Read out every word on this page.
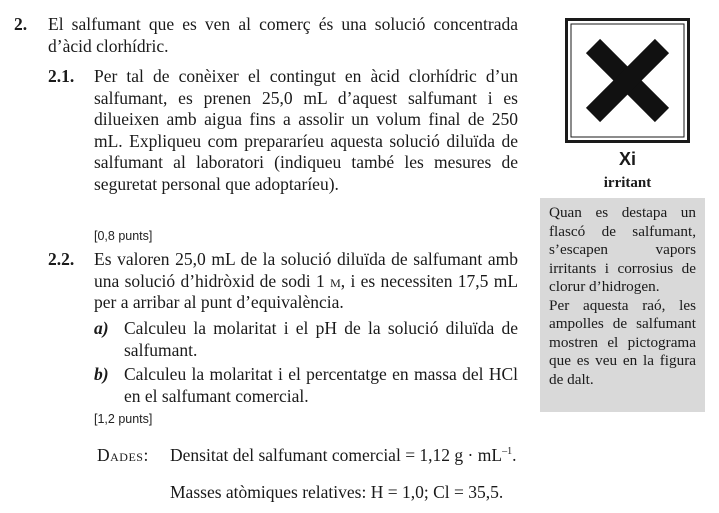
2. El salfumant que es ven al comerç és una solució concentrada d’àcid clorhídric.
2.1. Per tal de conèixer el contingut en àcid clorhídric d’un salfumant, es prenen 25,0 mL d’aquest salfumant i es dilueixen amb aigua fins a assolir un volum final de 250 mL. Expliqueu com prepararíeu aquesta solució diluïda de salfumant al laboratori (indiqueu també les mesures de seguretat personal que adoptaríeu).
[0,8 punts]
2.2. Es valoren 25,0 mL de la solució diluïda de salfumant amb una solució d’hidròxid de sodi 1 m, i es necessiten 17,5 mL per a arribar al punt d’equivalència.
a) Calculeu la molaritat i el pH de la solució diluïda de salfumant.
b) Calculeu la molaritat i el percentatge en massa del HCl en el salfumant comercial.
[1,2 punts]
Dades: Densitat del salfumant comercial = 1,12 $g \cdot mL^{-1}$.
Masses atòmiques relatives: H = 1,0; Cl = 35,5.
Xi
irritant

Quan es destapa un flascó de salfumant, s’escapen vapors irritants i corrosius de clorur d’hidrogen.

Per aquesta raó, les ampolles de salfumant mostren el pictograma que es veu en la figura de dalt.
